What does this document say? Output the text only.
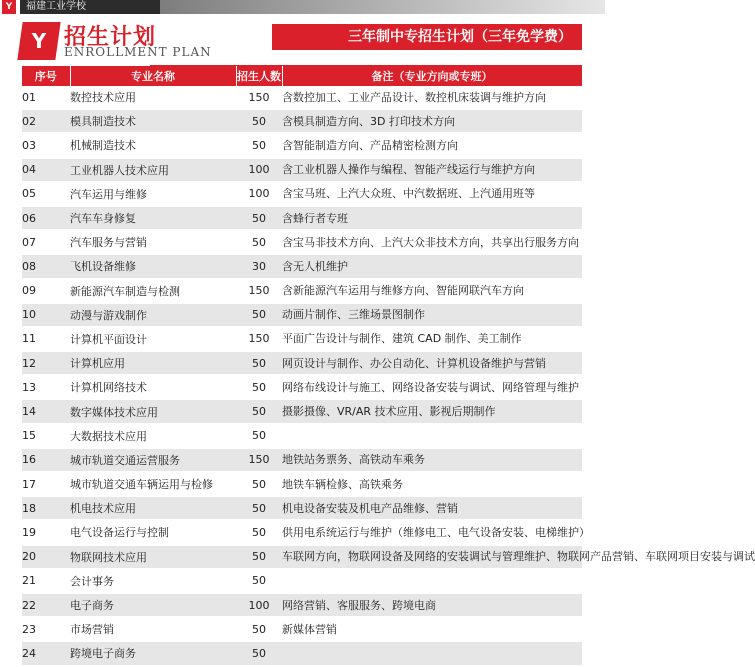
Y	福建工业学校
Y 招生计划
ENROLLMENT PLAN
三年制中专招生计划（三年免学费）
序号	专业名称	招生人数	备注（专业方向或专班）
01	数控技术应用	150	含数控加工、工业产品设计、数控机床装调与维护方向
02	模具制造技术	50	含模具制造方向、3D 打印技术方向
03	机械制造技术	50	含智能制造方向、产品精密检测方向
04	工业机器人技术应用	100	含工业机器人操作与编程、智能产线运行与维护方向
05	汽车运用与维修	100	含宝马班、上汽大众班、中汽数据班、上汽通用班等
06	汽车车身修复	50	含蜂行者专班
07	汽车服务与营销	50	含宝马非技术方向、上汽大众非技术方向，共享出行服务方向
08	飞机设备维修	30	含无人机维护
09	新能源汽车制造与检测	150	含新能源汽车运用与维修方向、智能网联汽车方向
10	动漫与游戏制作	50	动画片制作、三维场景图制作
11	计算机平面设计	150	平面广告设计与制作、建筑 CAD 制作、美工制作
12	计算机应用	50	网页设计与制作、办公自动化、计算机设备维护与营销
13	计算机网络技术	50	网络布线设计与施工、网络设备安装与调试、网络管理与维护
14	数字媒体技术应用	50	摄影摄像、VR/AR 技术应用、影视后期制作
15	大数据技术应用	50	
16	城市轨道交通运营服务	150	地铁站务票务、高铁动车乘务
17	城市轨道交通车辆运用与检修	50	地铁车辆检修、高铁乘务
18	机电技术应用	50	机电设备安装及机电产品维修、营销
19	电气设备运行与控制	50	供用电系统运行与维护（维修电工、电气设备安装、电梯维护）
20	物联网技术应用	50	车联网方向，物联网设备及网络的安装调试与管理维护、物联网产品营销、车联网项目安装与调试
21	会计事务	50	
22	电子商务	100	网络营销、客服服务、跨境电商
23	市场营销	50	新媒体营销
24	跨境电子商务	50	
